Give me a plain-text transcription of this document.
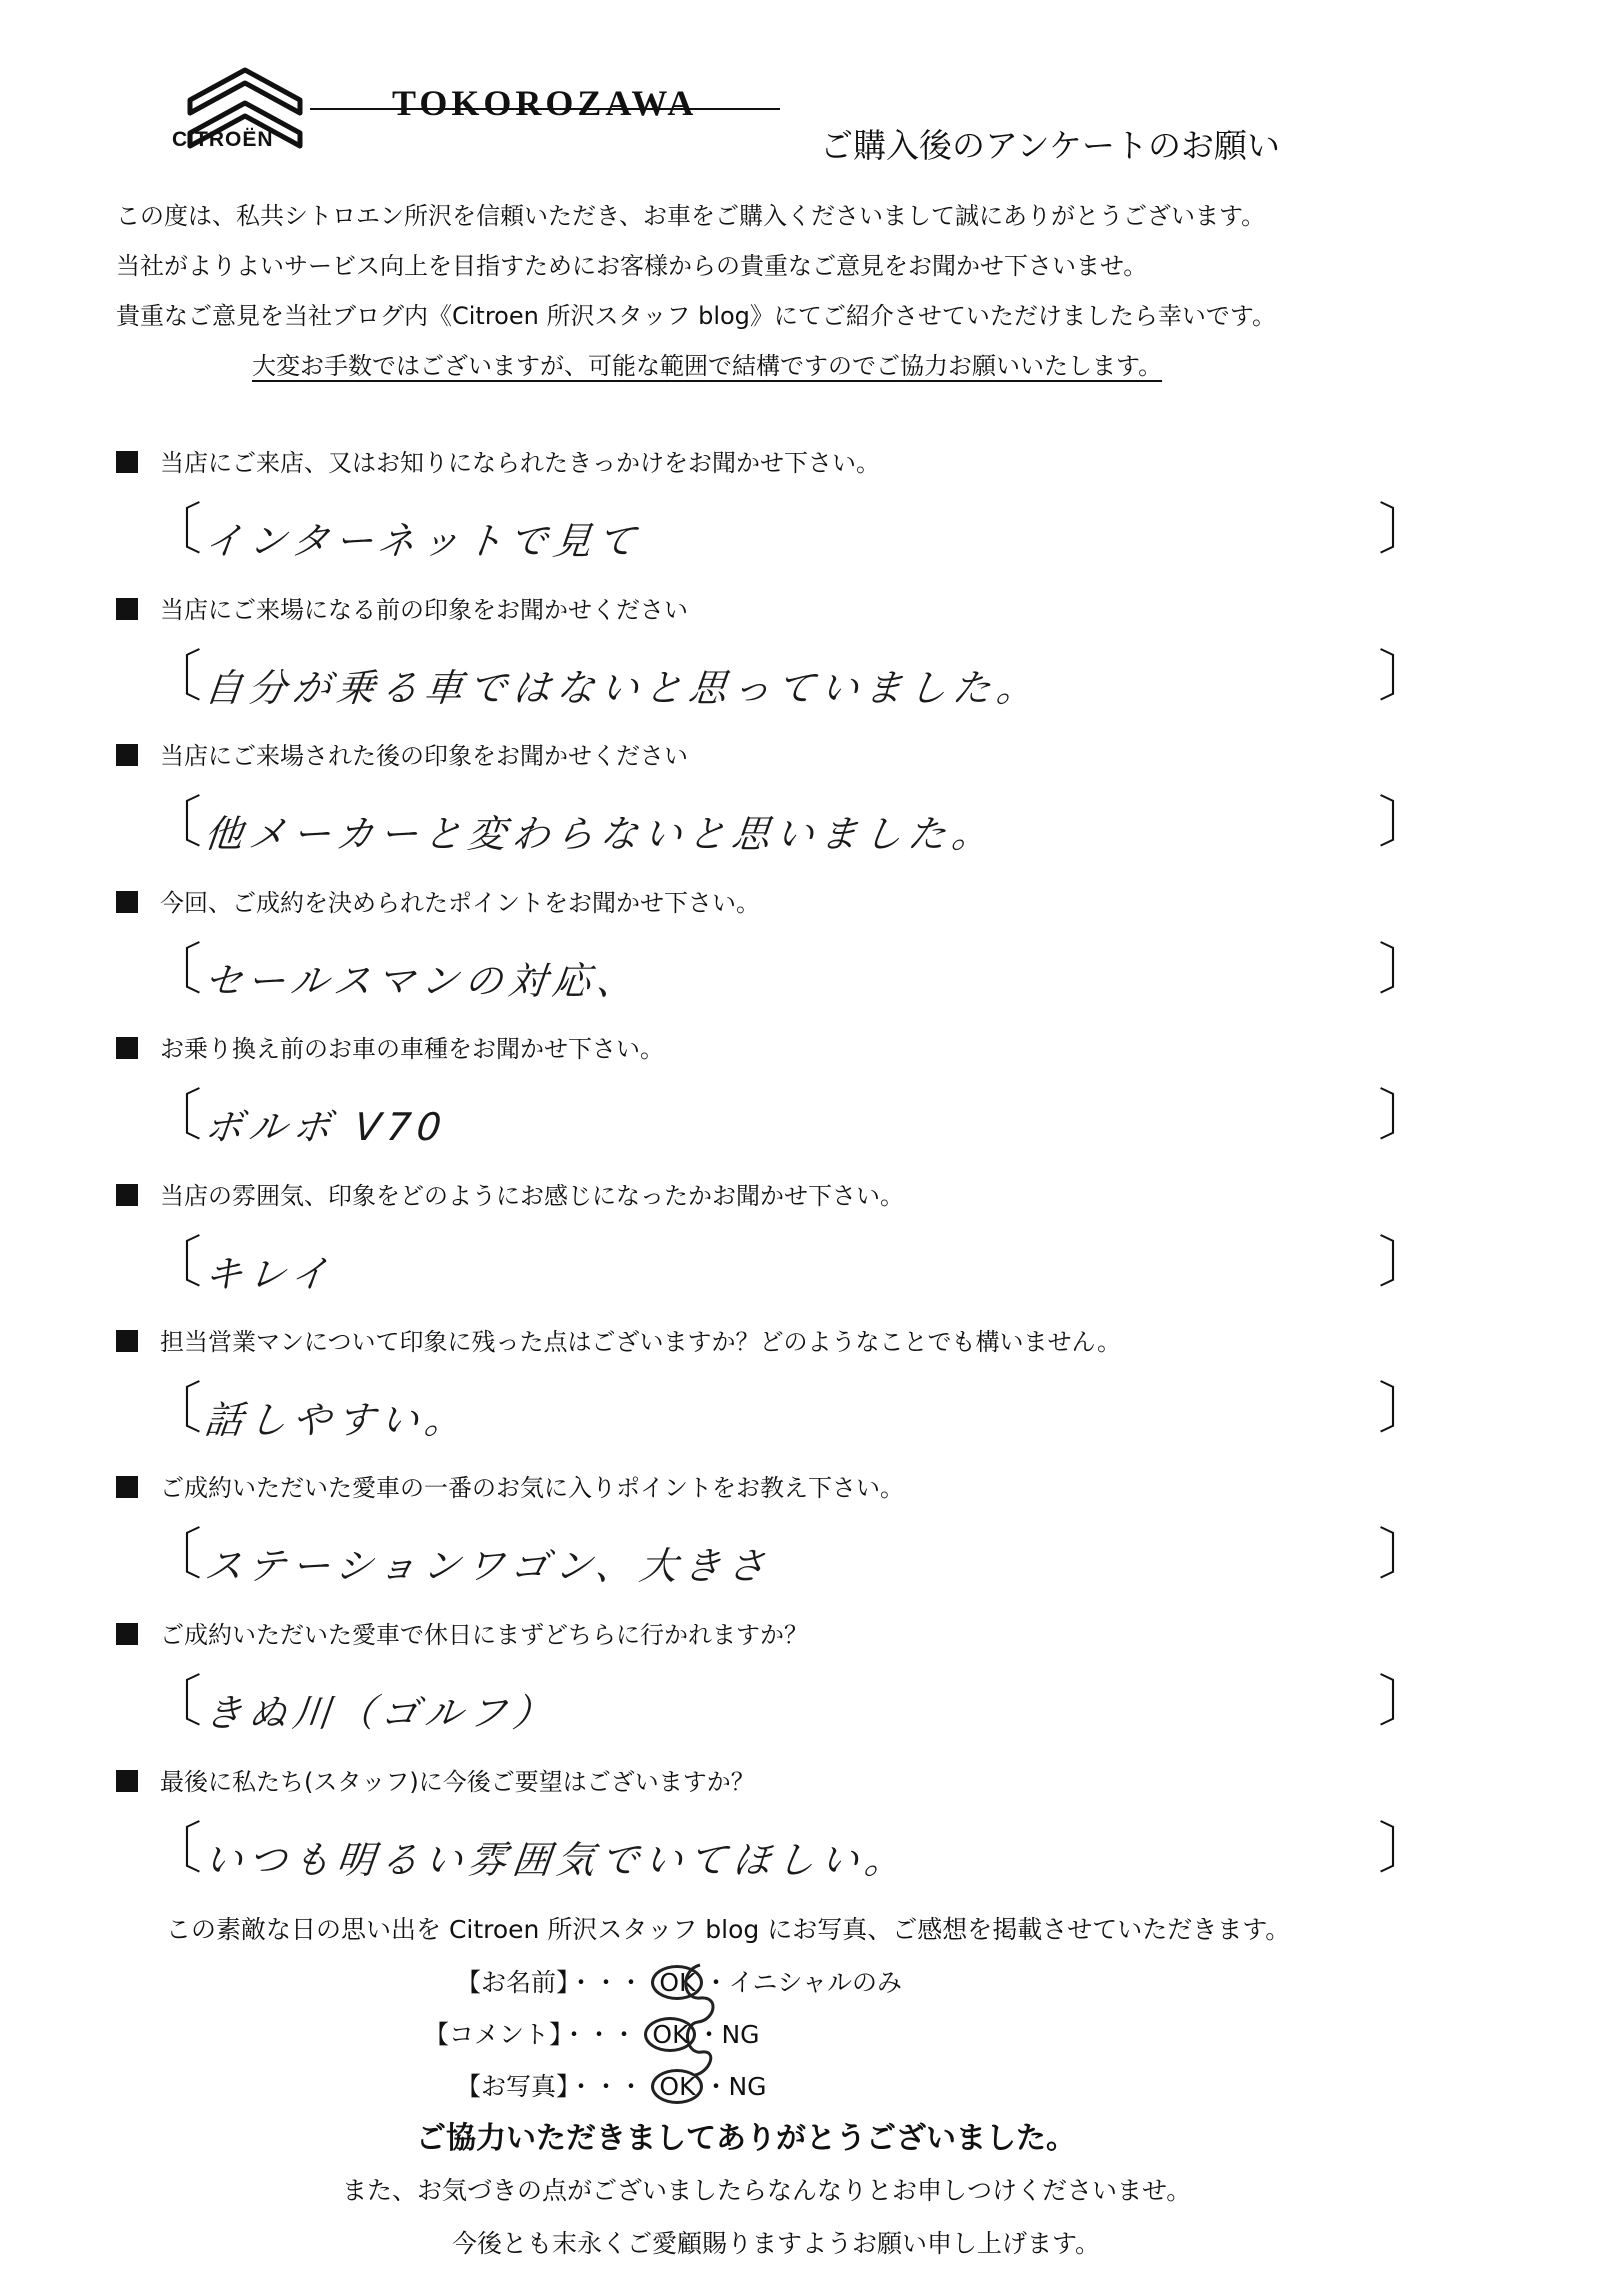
CITROËN
TOKOROZAWA
ご購入後のアンケートのお願い
この度は、私共シトロエン所沢を信頼いただき、お車をご購入くださいまして誠にありがとうございます。
当社がよりよいサービス向上を目指すためにお客様からの貴重なご意見をお聞かせ下さいませ。
貴重なご意見を当社ブログ内《Citroen 所沢スタッフ blog》にてご紹介させていただけましたら幸いです。
大変お手数ではございますが、可能な範囲で結構ですのでご協力お願いいたします。
当店にご来店、又はお知りになられたきっかけをお聞かせ下さい。
〔	〕
インターネットで見て
当店にご来場になる前の印象をお聞かせください
〔	〕
自分が乗る車ではないと思っていました。
当店にご来場された後の印象をお聞かせください
〔	〕
他メーカーと変わらないと思いました。
今回、ご成約を決められたポイントをお聞かせ下さい。
〔	〕
セールスマンの対応、
お乗り換え前のお車の車種をお聞かせ下さい。
〔	〕
ボルボ V70
当店の雰囲気、印象をどのようにお感じになったかお聞かせ下さい。
〔	〕
キレイ
担当営業マンについて印象に残った点はございますか？どのようなことでも構いません。
〔	〕
話しやすい。
ご成約いただいた愛車の一番のお気に入りポイントをお教え下さい。
〔	〕
ステーションワゴン、大きさ
ご成約いただいた愛車で休日にまずどちらに行かれますか？
〔	〕
きぬ川（ゴルフ）
最後に私たち(スタッフ)に今後ご要望はございますか？
〔	〕
いつも明るい雰囲気でいてほしい。
この素敵な日の思い出を Citroen 所沢スタッフ blog にお写真、ご感想を掲載させていただきます。
【お名前】・・・ OK ・イニシャルのみ
【コメント】・・・ OK ・NG
【お写真】・・・ OK ・NG
ご協力いただきましてありがとうございました。
また、お気づきの点がございましたらなんなりとお申しつけくださいませ。
今後とも末永くご愛顧賜りますようお願い申し上げます。
